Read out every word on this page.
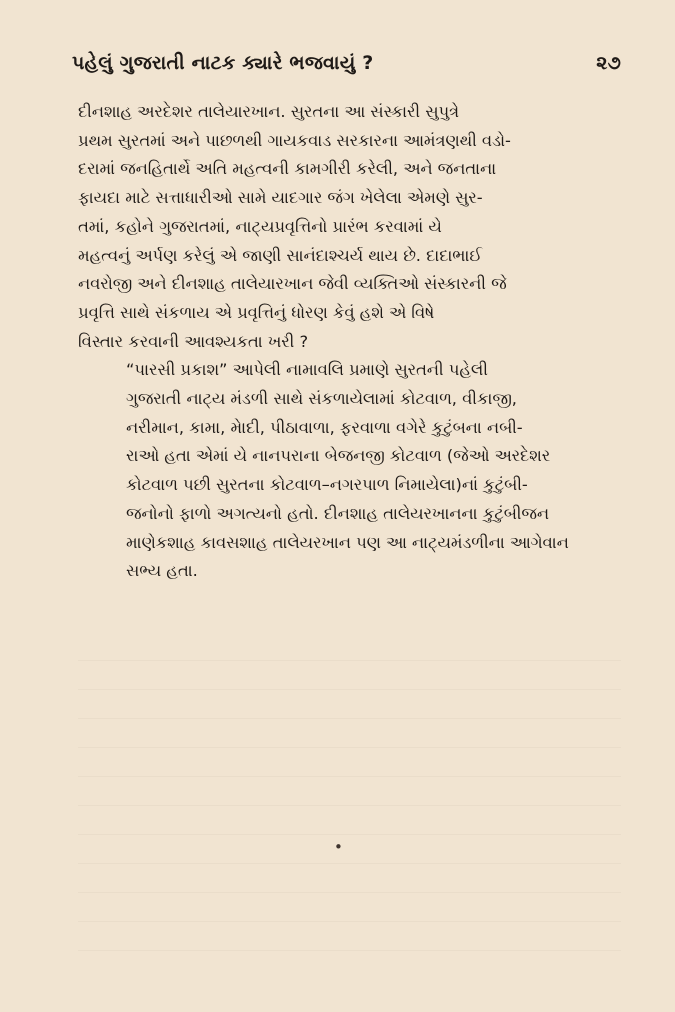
પહેલું ગુજરાતી નાટક ક્યારે ભજવાયું ?	૨૭

દીનશાહ અરદેશર તાલેયારખાન. સુરતના આ સંસ્કારી સુપુત્રે
પ્રથમ સુરતમાં અને પાછળથી ગાયકવાડ સરકારના આમંત્રણથી વડો-
દરામાં જનહિતાર્થે અતિ મહત્વની કામગીરી કરેલી, અને જનતાના
ફાયદા માટે સત્તાધારીઓ સામે યાદગાર જંગ ખેલેલા એમણે સુર-
તમાં, કહોને ગુજરાતમાં, નાટ્યપ્રવૃત્તિનો પ્રારંભ કરવામાં યે
મહત્વનું અર્પણ કરેલું એ જાણી સાનંદાશ્ચર્ય થાય છે. દાદાભાઈ
નવરોજી અને દીનશાહ તાલેયારખાન જેવી વ્યક્તિઓ સંસ્કારની જે
પ્રવૃત્તિ સાથે સંકળાય એ પ્રવૃત્તિનું ધોરણ કેવું હશે એ વિષે
વિસ્તાર કરવાની આવશ્યકતા ખરી ?

“પારસી પ્રકાશ” આપેલી નામાવલિ પ્રમાણે સુરતની પહેલી
ગુજરાતી નાટ્ય મંડળી સાથે સંકળાયેલામાં કોટવાળ, વીકાજી,
નરીમાન, કામા, મેાદી, પીઠાવાળા, ફરવાળા વગેરે કુટુંબના નબી-
રાઓ હતા એમાં યે નાનપરાના બેજનજી કોટવાળ (જેઓ અરદેશર
કોટવાળ પછી સુરતના કોટવાળ–નગરપાળ નિમાયેલા)નાં કુટુંબી-
જનોનો ફાળો અગત્યનો હતો. દીનશાહ તાલેયરખાનના કુટુંબીજન
માણેકશાહ કાવસશાહ તાલેયરખાન પણ આ નાટ્યમંડળીના આગેવાન
સભ્ય હતા.

•
